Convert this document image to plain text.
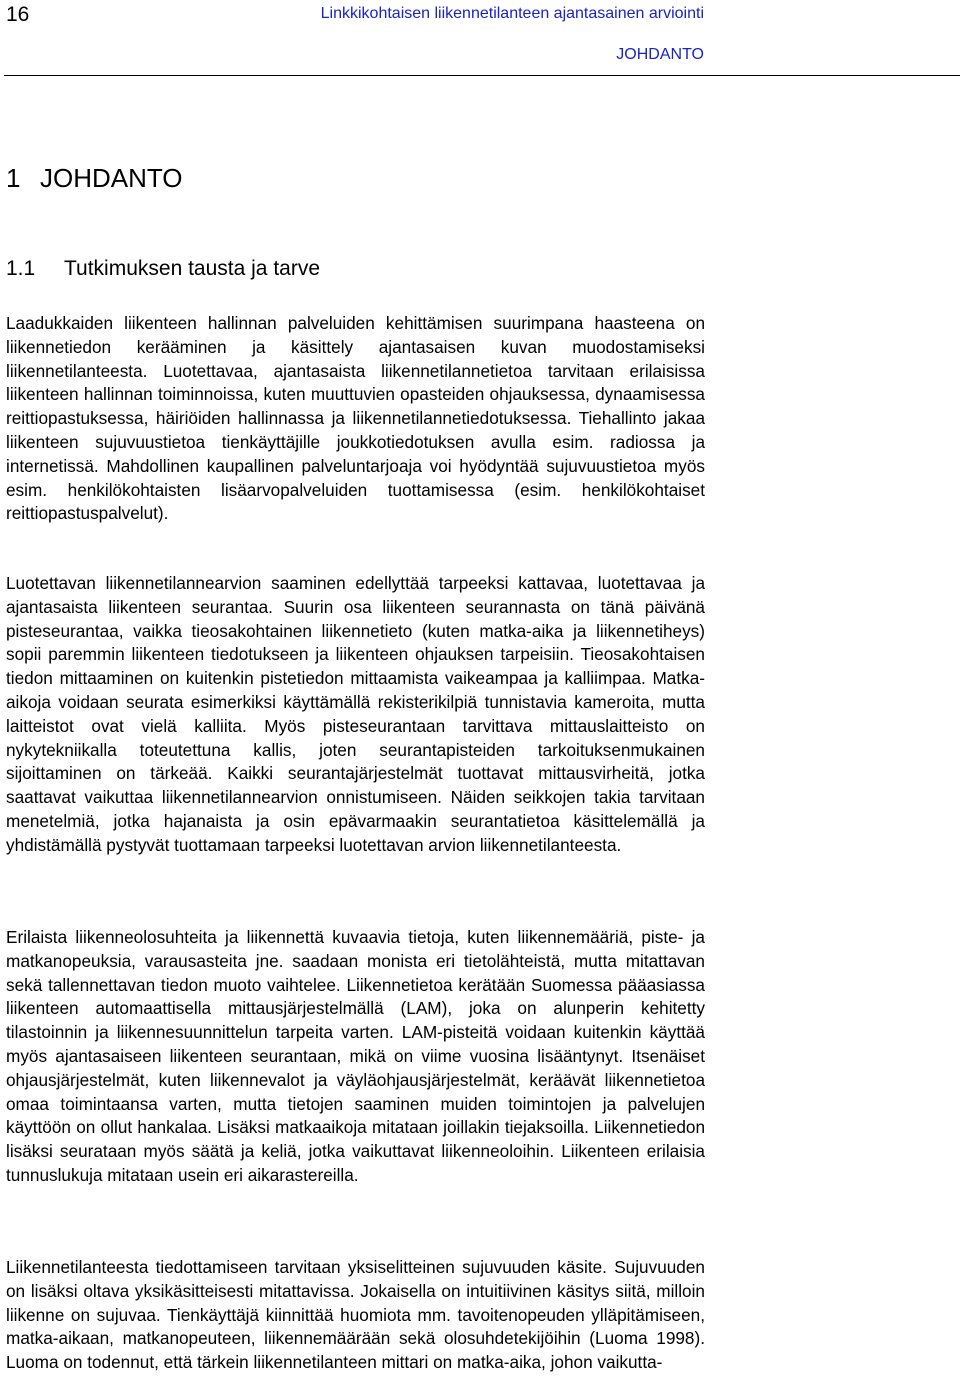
16	Linkkikohtaisen liikennetilanteen ajantasainen arviointi
JOHDANTO
1 JOHDANTO
1.1 Tutkimuksen tausta ja tarve

Laadukkaiden liikenteen hallinnan palveluiden kehittämisen suurimpana haasteena on liikennetiedon kerääminen ja käsittely ajantasaisen kuvan muodostamiseksi liikennetilanteesta. Luotettavaa, ajantasaista liikennetilannetietoa tarvitaan erilaisissa liikenteen hallinnan toiminnoissa, kuten muuttuvien opasteiden ohjauksessa, dynaamisessa reittiopastuksessa, häiriöiden hallinnassa ja liikennetilannetiedotuksessa. Tiehallinto jakaa liikenteen sujuvuustietoa tienkäyttäjille joukkotiedotuksen avulla esim. radiossa ja internetissä. Mahdollinen kaupallinen palveluntarjoaja voi hyödyntää sujuvuustietoa myös esim. henkilökohtaisten lisäarvopalveluiden tuottamisessa (esim. henkilökohtaiset reittiopastuspalvelut).

Luotettavan liikennetilannearvion saaminen edellyttää tarpeeksi kattavaa, luotettavaa ja ajantasaista liikenteen seurantaa. Suurin osa liikenteen seurannasta on tänä päivänä pisteseurantaa, vaikka tieosakohtainen liikennetieto (kuten matka-aika ja liikennetiheys) sopii paremmin liikenteen tiedotukseen ja liikenteen ohjauksen tarpeisiin. Tieosakohtaisen tiedon mittaaminen on kuitenkin pistetiedon mittaamista vaikeampaa ja kalliimpaa. Matka-aikoja voidaan seurata esimerkiksi käyttämällä rekisterikilpiä tunnistavia kameroita, mutta laitteistot ovat vielä kalliita. Myös pisteseurantaan tarvittava mittauslaitteisto on nykytekniikalla toteutettuna kallis, joten seurantapisteiden tarkoituksenmukainen sijoittaminen on tärkeää. Kaikki seurantajärjestelmät tuottavat mittausvirheitä, jotka saattavat vaikuttaa liikennetilannearvion onnistumiseen. Näiden seikkojen takia tarvitaan menetelmiä, jotka hajanaista ja osin epävarmaakin seurantatietoa käsittelemällä ja yhdistämällä pystyvät tuottamaan tarpeeksi luotettavan arvion liikennetilanteesta.

Erilaista liikenneolosuhteita ja liikennettä kuvaavia tietoja, kuten liikennemääriä, piste- ja matkanopeuksia, varausasteita jne. saadaan monista eri tietolähteistä, mutta mitattavan sekä tallennettavan tiedon muoto vaihtelee. Liikennetietoa kerätään Suomessa pääasiassa liikenteen automaattisella mittausjärjestelmällä (LAM), joka on alunperin kehitetty tilastoinnin ja liikennesuunnittelun tarpeita varten. LAM-pisteitä voidaan kuitenkin käyttää myös ajantasaiseen liikenteen seurantaan, mikä on viime vuosina lisääntynyt. Itsenäiset ohjausjärjestelmät, kuten liikennevalot ja väyläohjausjärjestelmät, keräävät liikennetietoa omaa toimintaansa varten, mutta tietojen saaminen muiden toimintojen ja palvelujen käyttöön on ollut hankalaa. Lisäksi matkaaikoja mitataan joillakin tiejaksoilla. Liikennetiedon lisäksi seurataan myös säätä ja keliä, jotka vaikuttavat liikenneoloihin. Liikenteen erilaisia tunnuslukuja mitataan usein eri aikarastereilla.

Liikennetilanteesta tiedottamiseen tarvitaan yksiselitteinen sujuvuuden käsite. Sujuvuuden on lisäksi oltava yksikäsitteisesti mitattavissa. Jokaisella on intuitiivinen käsitys siitä, milloin liikenne on sujuvaa. Tienkäyttäjä kiinnittää huomiota mm. tavoitenopeuden ylläpitämiseen, matka-aikaan, matkanopeuteen, liikennemäärään sekä olosuhdetekijöihin (Luoma 1998). Luoma on todennut, että tärkein liikennetilanteen mittari on matka-aika, johon vaikutta-
